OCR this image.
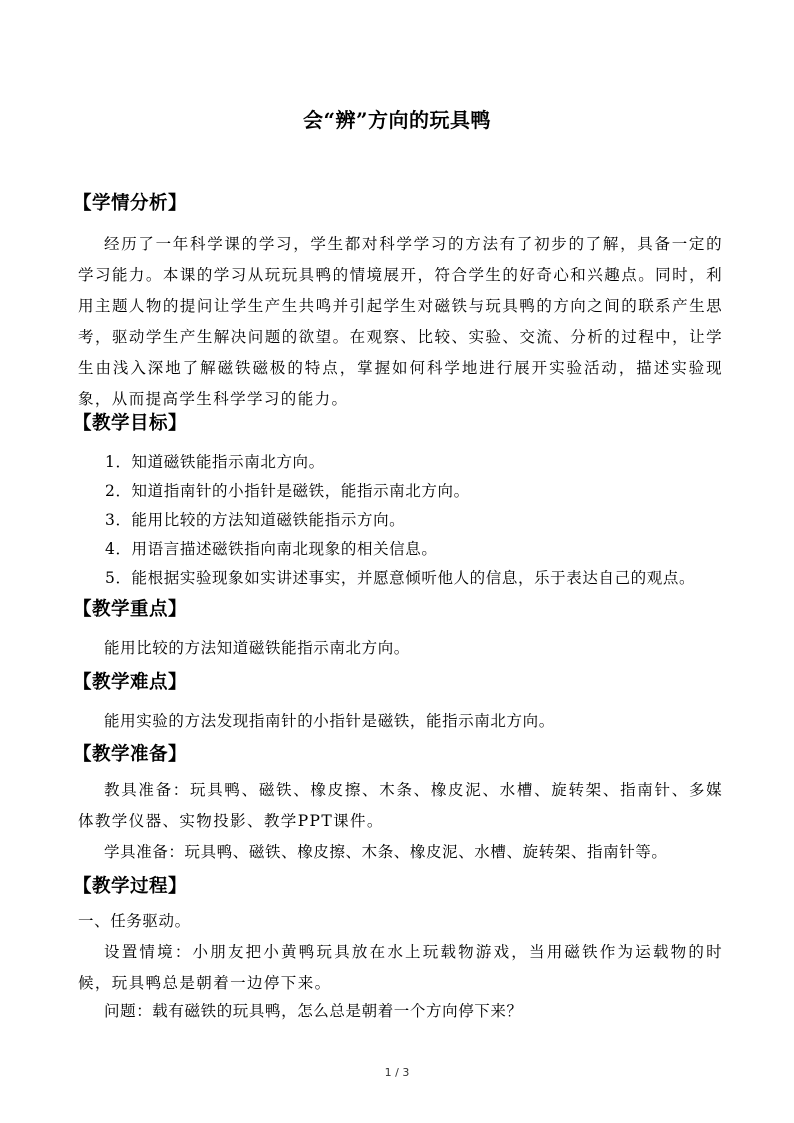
会“辨”方向的玩具鸭
【学情分析】

经历了一年科学课的学习，学生都对科学学习的方法有了初步的了解，具备一定的学习能力。本课的学习从玩玩具鸭的情境展开，符合学生的好奇心和兴趣点。同时，利用主题人物的提问让学生产生共鸣并引起学生对磁铁与玩具鸭的方向之间的联系产生思考，驱动学生产生解决问题的欲望。在观察、比较、实验、交流、分析的过程中，让学生由浅入深地了解磁铁磁极的特点，掌握如何科学地进行展开实验活动，描述实验现象，从而提高学生科学学习的能力。

【教学目标】
1．知道磁铁能指示南北方向。
2．知道指南针的小指针是磁铁，能指示南北方向。
3．能用比较的方法知道磁铁能指示方向。
4．用语言描述磁铁指向南北现象的相关信息。
5．能根据实验现象如实讲述事实，并愿意倾听他人的信息，乐于表达自己的观点。
【教学重点】
能用比较的方法知道磁铁能指示南北方向。
【教学难点】
能用实验的方法发现指南针的小指针是磁铁，能指示南北方向。
【教学准备】

教具准备：玩具鸭、磁铁、橡皮擦、木条、橡皮泥、水槽、旋转架、指南针、多媒体教学仪器、实物投影、教学PPT课件。

学具准备：玩具鸭、磁铁、橡皮擦、木条、橡皮泥、水槽、旋转架、指南针等。
【教学过程】
一、任务驱动。

设置情境：小朋友把小黄鸭玩具放在水上玩载物游戏，当用磁铁作为运载物的时候，玩具鸭总是朝着一边停下来。

问题：载有磁铁的玩具鸭，怎么总是朝着一个方向停下来？
1 / 3
